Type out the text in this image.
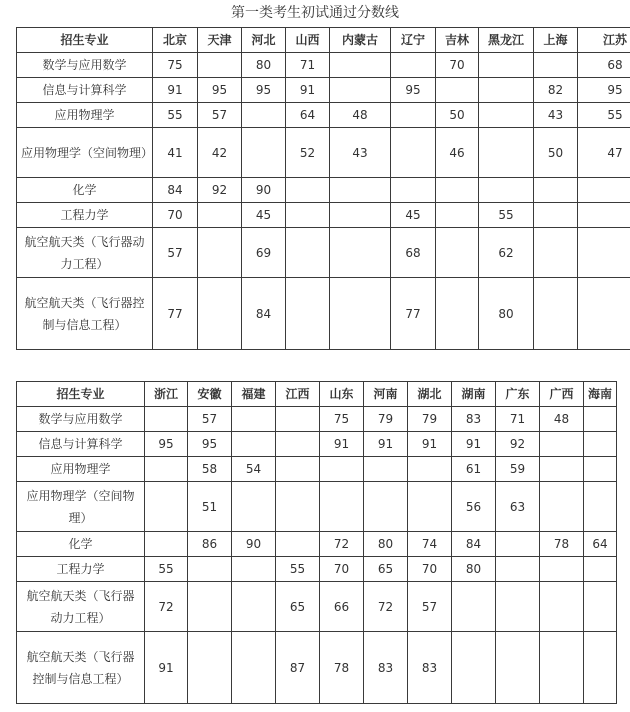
第一类考生初试通过分数线
招生专业	北京	天津	河北	山西	内蒙古	辽宁	吉林	黑龙江	上海	江苏
数学与应用数学	75		80	71			70			68
信息与计算科学	91	95	95	91		95			82	95
应用物理学	55	57		64	48		50		43	55
应用物理学（空间物理）	41	42		52	43		46		50	47
化学	84	92	90							
工程力学	70		45			45		55		
航空航天类（飞行器动力工程）	57		69			68		62		
航空航天类（飞行器控制与信息工程）	77		84			77		80		
招生专业	浙江	安徽	福建	江西	山东	河南	湖北	湖南	广东	广西	海南
数学与应用数学		57			75	79	79	83	71	48	
信息与计算科学	95	95			91	91	91	91	92		
应用物理学		58	54					61	59		
应用物理学（空间物理）		51						56	63		
化学		86	90		72	80	74	84		78	64
工程力学	55			55	70	65	70	80			
航空航天类（飞行器动力工程）	72			65	66	72	57				
航空航天类（飞行器控制与信息工程）	91			87	78	83	83				
